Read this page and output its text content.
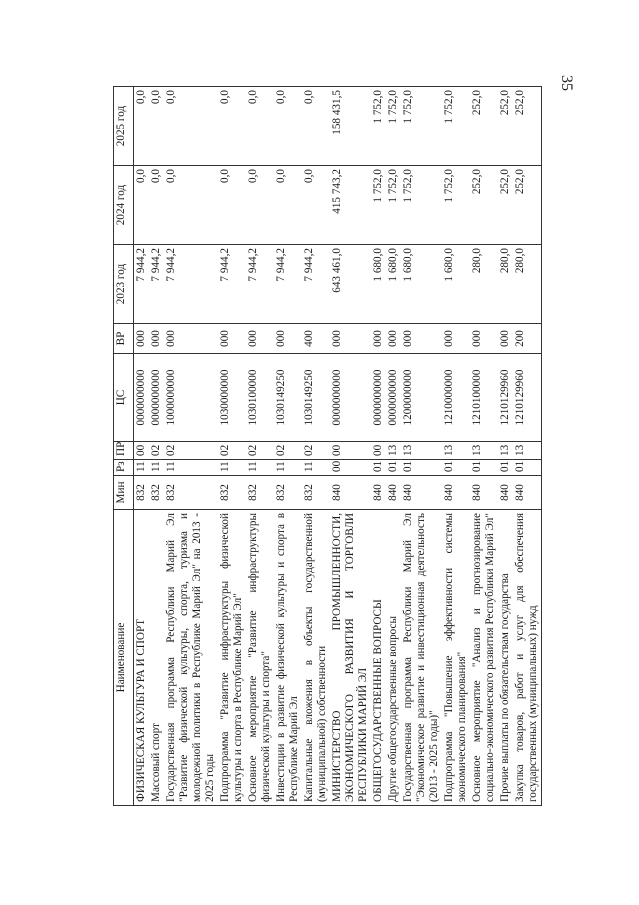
35
Наименование	Мин	Рз	ПР	ЦС	ВР	2023 год	2024 год	2025 год
ФИЗИЧЕСКАЯ КУЛЬТУРА И СПОРТ	832	11	00	0000000000	000	7 944,2	0,0	0,0
Массовый спорт	832	11	02	0000000000	000	7 944,2	0,0	0,0
Государственная программа Республики Марий Эл "Развитие физической культуры, спорта, туризма и молодежной политики в Республике Марий Эл" на 2013 - 2025 годы	832	11	02	1000000000	000	7 944,2	0,0	0,0
Подпрограмма "Развитие инфраструктуры физической культуры и спорта в Республике Марий Эл"	832	11	02	1030000000	000	7 944,2	0,0	0,0
Основное мероприятие "Развитие инфраструктуры физической культуры и спорта"	832	11	02	1030100000	000	7 944,2	0,0	0,0
Инвестиции в развитие физической культуры и спорта в Республике Марий Эл	832	11	02	1030149250	000	7 944,2	0,0	0,0
Капитальные вложения в объекты государственной (муниципальной) собственности	832	11	02	1030149250	400	7 944,2	0,0	0,0
МИНИСТЕРСТВО ПРОМЫШЛЕННОСТИ, ЭКОНОМИЧЕСКОГО РАЗВИТИЯ И ТОРГОВЛИ РЕСПУБЛИКИ МАРИЙ ЭЛ	840	00	00	0000000000	000	643 461,0	415 743,2	158 431,5
ОБЩЕГОСУДАРСТВЕННЫЕ ВОПРОСЫ	840	01	00	0000000000	000	1 680,0	1 752,0	1 752,0
Другие общегосударственные вопросы	840	01	13	0000000000	000	1 680,0	1 752,0	1 752,0
Государственная программа Республики Марий Эл "Экономическое развитие и инвестиционная деятельность (2013 - 2025 годы)"	840	01	13	1200000000	000	1 680,0	1 752,0	1 752,0
Подпрограмма "Повышение эффективности системы экономического планирования"	840	01	13	1210000000	000	1 680,0	1 752,0	1 752,0
Основное мероприятие "Анализ и прогнозирование социально-экономического развития Республики Марий Эл"	840	01	13	1210100000	000	280,0	252,0	252,0
Прочие выплаты по обязательствам государства	840	01	13	1210129960	000	280,0	252,0	252,0
Закупка товаров, работ и услуг для обеспечения государственных (муниципальных) нужд	840	01	13	1210129960	200	280,0	252,0	252,0
